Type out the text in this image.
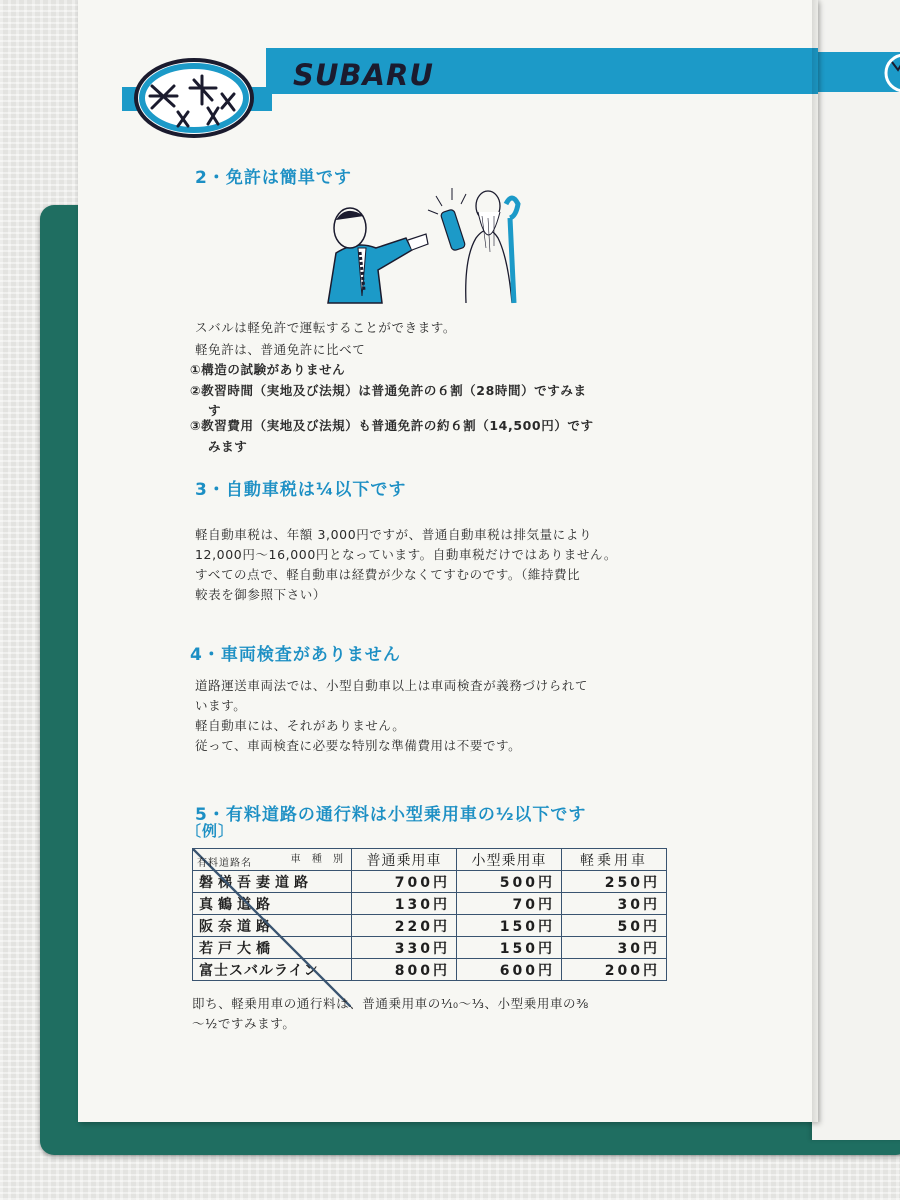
SUBARU
2・免許は簡単です
スバルは軽免許で運転することができます。
軽免許は、普通免許に比べて
①構造の試験がありません
②教習時間（実地及び法規）は普通免許の６割（28時間）ですみま
す
③教習費用（実地及び法規）も普通免許の約６割（14,500円）です
みます
3・自動車税は¼以下です
軽自動車税は、年額 3,000円ですが、普通自動車税は排気量により
12,000円～16,000円となっています。自動車税だけではありません。
すべての点で、軽自動車は経費が少なくてすむのです。（維持費比
較表を御参照下さい）
4・車両検査がありません
道路運送車両法では、小型自動車以上は車両検査が義務づけられて
います。
軽自動車には、それがありません。
従って、車両検査に必要な特別な準備費用は不要です。
5・有料道路の通行料は小型乗用車の½以下です
〔例〕
車 種 別
有料道路名	普通乗用車	小型乗用車	軽乗用車
磐梯吾妻道路	700円	500円	250円
真鶴道路	130円	70円	30円
阪奈道路	220円	150円	50円
若戸大橋	330円	150円	30円
富士スバルライン	800円	600円	200円
即ち、軽乗用車の通行料は、普通乗用車の⅒～⅓、小型乗用車の⅜
～½ですみます。
